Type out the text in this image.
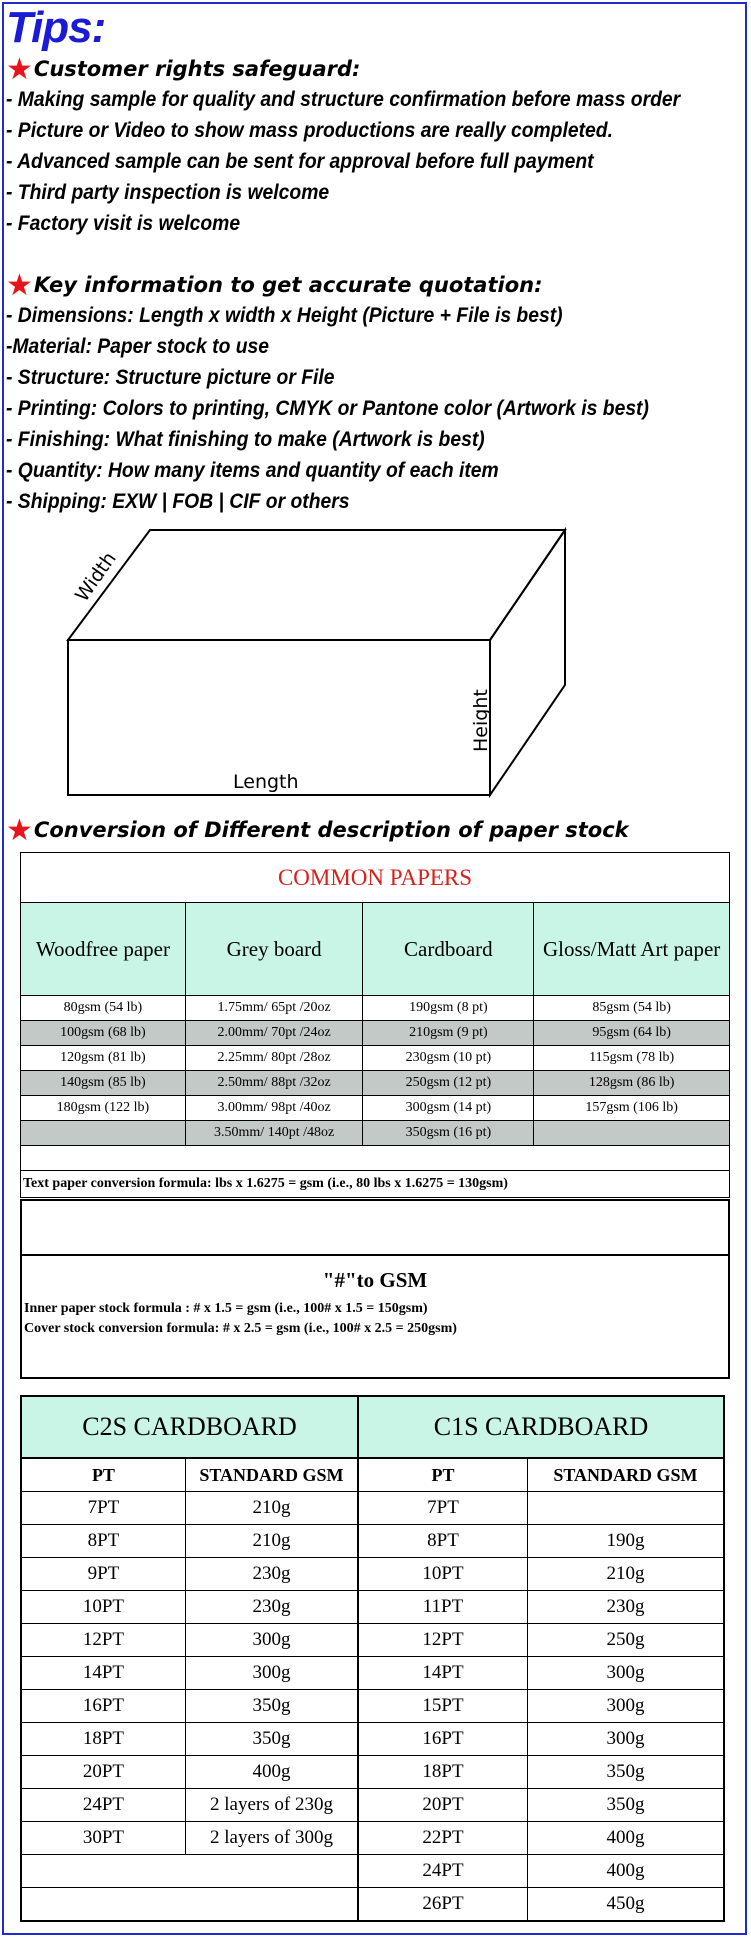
Tips:
★Customer rights safeguard:
- Making sample for quality and structure confirmation before mass order
- Picture or Video to show mass productions are really completed.
- Advanced sample can be sent for approval before full payment
- Third party inspection is welcome
- Factory visit is welcome
★Key information to get accurate quotation:
- Dimensions: Length x width x Height (Picture + File is best)
-Material: Paper stock to use
- Structure: Structure picture or File
- Printing: Colors to printing, CMYK or Pantone color (Artwork is best)
- Finishing: What finishing to make (Artwork is best)
- Quantity: How many items and quantity of each item
- Shipping: EXW | FOB | CIF or others
Length
Height
Width
★Conversion of Different description of paper stock
COMMON PAPERS			
Woodfree paper	Grey board	Cardboard	Gloss/Matt Art paper
80gsm (54 lb)	1.75mm/ 65pt /20oz	190gsm (8 pt)	85gsm (54 lb)
100gsm (68 lb)	2.00mm/ 70pt /24oz	210gsm (9 pt)	95gsm (64 lb)
120gsm (81 lb)	2.25mm/ 80pt /28oz	230gsm (10 pt)	115gsm (78 lb)
140gsm (85 lb)	2.50mm/ 88pt /32oz	250gsm (12 pt)	128gsm (86 lb)
180gsm (122 lb)	3.00mm/ 98pt /40oz	300gsm (14 pt)	157gsm (106 lb)
	3.50mm/ 140pt /48oz	350gsm (16 pt)	

Text paper conversion formula: lbs x 1.6275 = gsm (i.e., 80 lbs x 1.6275 = 130gsm)			
"#"to GSM
Inner paper stock formula : # x 1.5 = gsm (i.e., 100# x 1.5 = 150gsm)
Cover stock conversion formula: # x 2.5 = gsm (i.e., 100# x 2.5 = 250gsm)
C2S CARDBOARD		C1S CARDBOARD	
PT	STANDARD GSM	PT	STANDARD GSM
7PT	210g	7PT	
8PT	210g	8PT	190g
9PT	230g	10PT	210g
10PT	230g	11PT	230g
12PT	300g	12PT	250g
14PT	300g	14PT	300g
16PT	350g	15PT	300g
18PT	350g	16PT	300g
20PT	400g	18PT	350g
24PT	2 layers of 230g	20PT	350g
30PT	2 layers of 300g	22PT	400g
		24PT	400g
		26PT	450g
